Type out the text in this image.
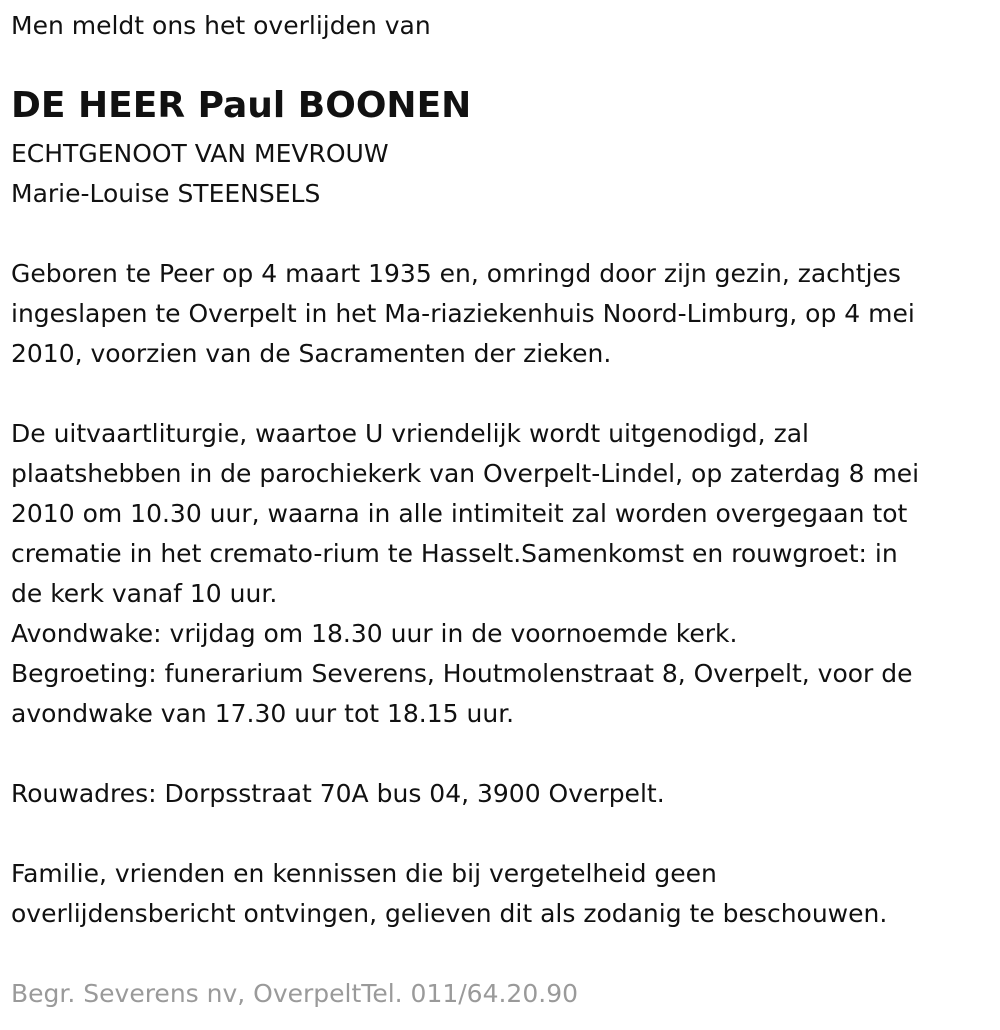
Men meldt ons het overlijden van

DE HEER Paul BOONEN

ECHTGENOOT VAN MEVROUW

Marie-Louise STEENSELS

Geboren te Peer op 4 maart 1935 en, omringd door zijn gezin, zachtjes

ingeslapen te Overpelt in het Ma-riaziekenhuis Noord-Limburg, op 4 mei

2010, voorzien van de Sacramenten der zieken.

De uitvaartliturgie, waartoe U vriendelijk wordt uitgenodigd, zal

plaatshebben in de parochiekerk van Overpelt-Lindel, op zaterdag 8 mei

2010 om 10.30 uur, waarna in alle intimiteit zal worden overgegaan tot

crematie in het cremato-rium te Hasselt.Samenkomst en rouwgroet: in

de kerk vanaf 10 uur.

Avondwake: vrijdag om 18.30 uur in de voornoemde kerk.

Begroeting: funerarium Severens, Houtmolenstraat 8, Overpelt, voor de

avondwake van 17.30 uur tot 18.15 uur.

Rouwadres: Dorpsstraat 70A bus 04, 3900 Overpelt.

Familie, vrienden en kennissen die bij vergetelheid geen

overlijdensbericht ontvingen, gelieven dit als zodanig te beschouwen.

Begr. Severens nv, OverpeltTel. 011/64.20.90
